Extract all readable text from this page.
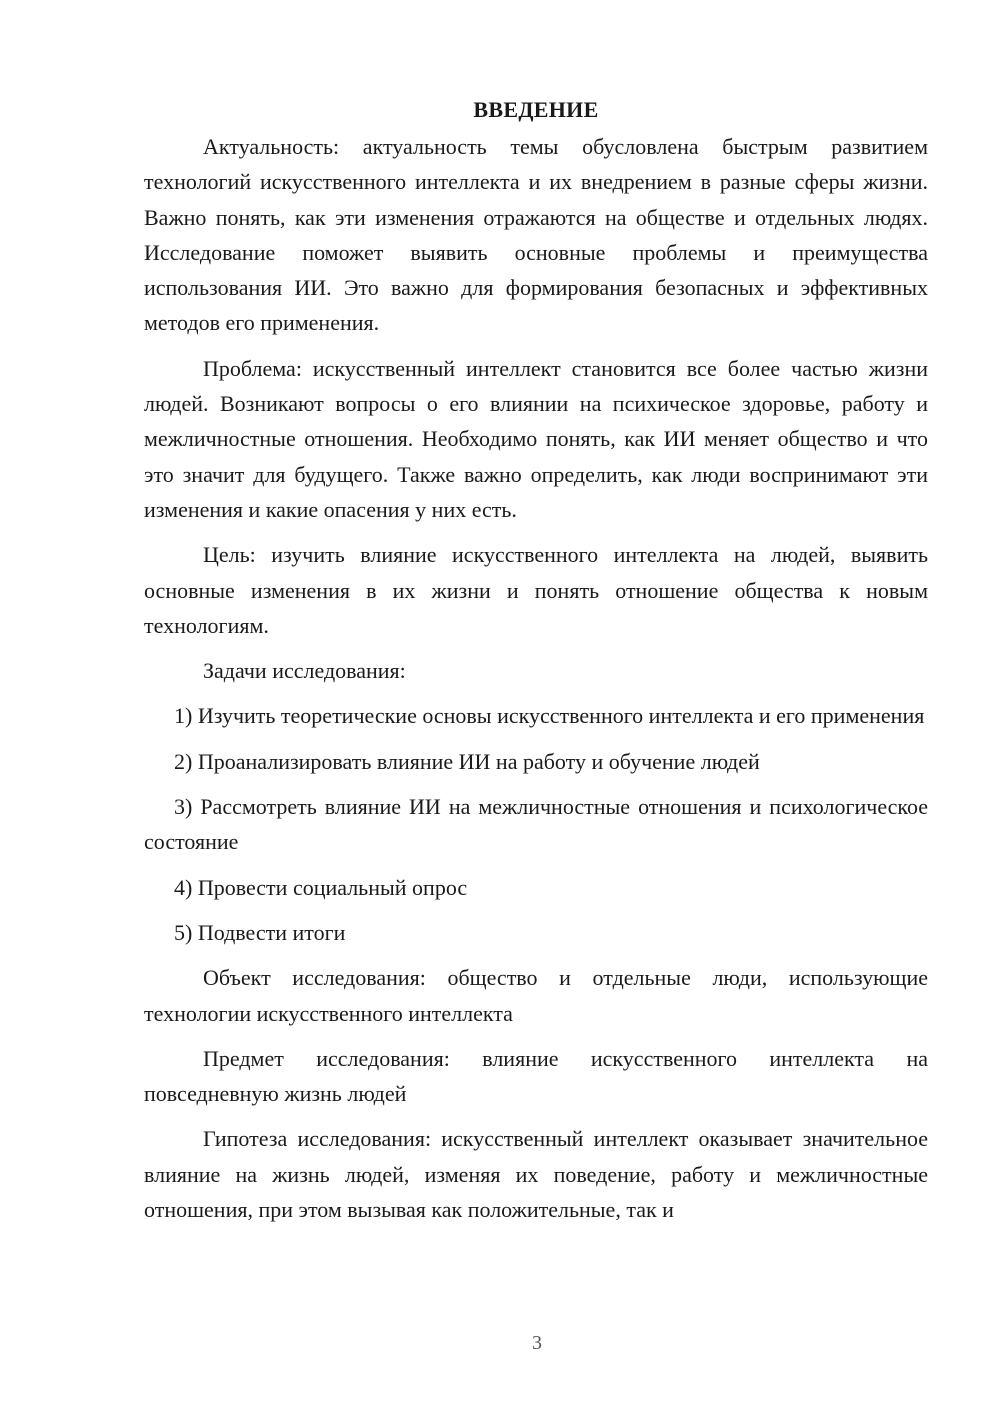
ВВЕДЕНИЕ

Актуальность: актуальность темы обусловлена быстрым развитием технологий искусственного интеллекта и их внедрением в разные сферы жизни. Важно понять, как эти изменения отражаются на обществе и отдельных людях. Исследование поможет выявить основные проблемы и преимущества использования ИИ. Это важно для формирования безопасных и эффективных методов его применения.

Проблема: искусственный интеллект становится все более частью жизни людей. Возникают вопросы о его влиянии на психическое здоровье, работу и межличностные отношения. Необходимо понять, как ИИ меняет общество и что это значит для будущего. Также важно определить, как люди воспринимают эти изменения и какие опасения у них есть.

Цель: изучить влияние искусственного интеллекта на людей, выявить основные изменения в их жизни и понять отношение общества к новым технологиям.

Задачи исследования:

1) Изучить теоретические основы искусственного интеллекта и его применения

2) Проанализировать влияние ИИ на работу и обучение людей

3) Рассмотреть влияние ИИ на межличностные отношения и психологическое состояние

4) Провести социальный опрос

5) Подвести итоги

Объект исследования: общество и отдельные люди, использующие технологии искусственного интеллекта

Предмет исследования: влияние искусственного интеллекта на повседневную жизнь людей

Гипотеза исследования: искусственный интеллект оказывает значительное влияние на жизнь людей, изменяя их поведение, работу и межличностные отношения, при этом вызывая как положительные, так и

3
